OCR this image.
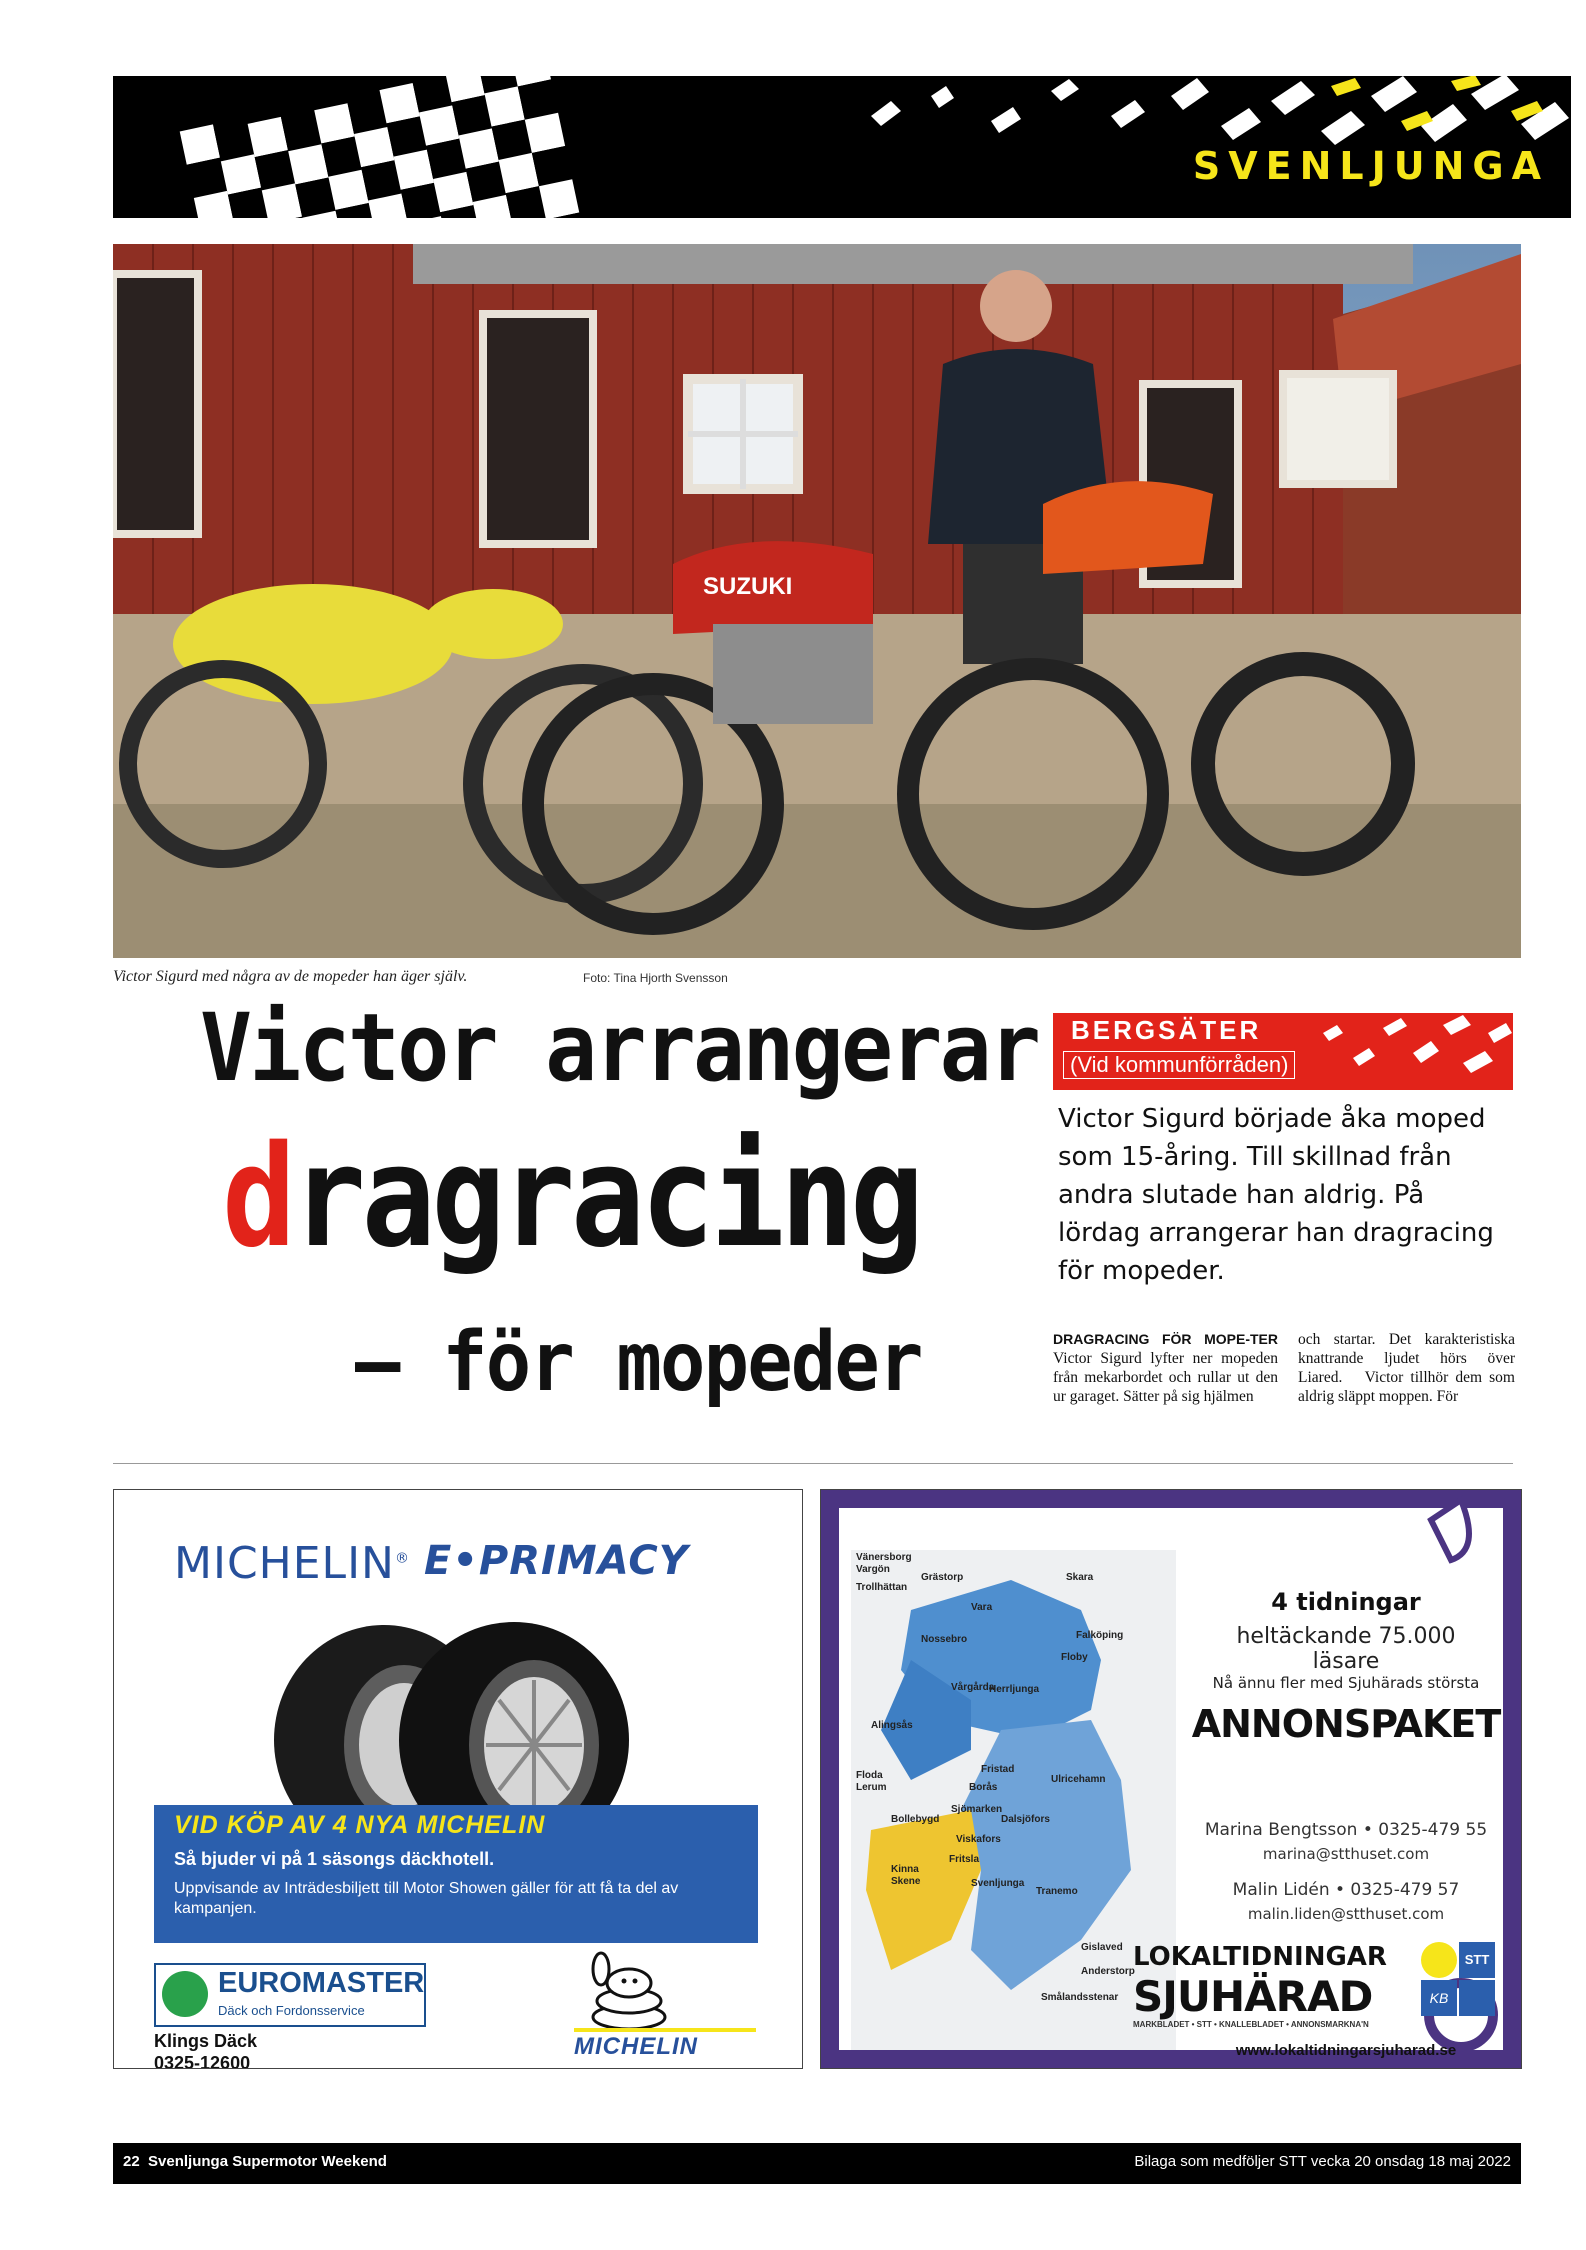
SVENLJUNGA
SUZUKI
Victor Sigurd med några av de mopeder han äger själv.	Foto: Tina Hjorth Svensson
Victor arrangerar
dragracing
– för mopeder
BERGSÄTER
(Vid kommunförråden)
Victor Sigurd började åka moped som 15-åring. Till skillnad från andra slutade han aldrig. På lördag arrangerar han dragracing för mopeder.
DRAGRACING FÖR MOPE-TER Victor Sigurd lyfter ner mopeden från mekarbordet och rullar ut den ur garaget. Sätter på sig hjälmen
och startar. Det karakteristiska knattrande ljudet hörs över Liared.  Victor tillhör dem som aldrig släppt moppen. För
MICHELIN® E•PRIMACY
VID KÖP AV 4 NYA MICHELIN
Så bjuder vi på 1 säsongs däckhotell.
Uppvisande av Inträdesbiljett till Motor Showen gäller för att få ta del av kampanjen.
EUROMASTER
Däck och Fordonsservice
Klings Däck
0325-12600
MICHELIN
Vara
Grästorp
Nossebro
Vårgårda
Herrljunga
Floby
Falköping
Skara
Alingsås
Borås
Ulricehamn
Bollebygd
Viskafors
Dalsjöfors
Fritsla
Kinna
Skene	Svenljunga
Tranemo
Gislaved
Anderstorp
Smålandsstenar
Floda
Lerum
Sjömarken
Fristad
Vänersborg
Vargön
Trollhättan
4 tidningar
heltäckande 75.000 läsare
Nå ännu fler med Sjuhärads största
ANNONSPAKET
Marina Bengtsson • 0325-479 55
marina@stthuset.com
Malin Lidén • 0325-479 57
malin.liden@stthuset.com
LOKALTIDNINGAR
SJUHÄRAD
MARKBLADET • STT • KNALLEBLADET • ANNONSMARKNA'N
STT
KB
www.lokaltidningarsjuharad.se
22 Svenljunga Supermotor Weekend	Bilaga som medföljer STT vecka 20 onsdag 18 maj 2022
